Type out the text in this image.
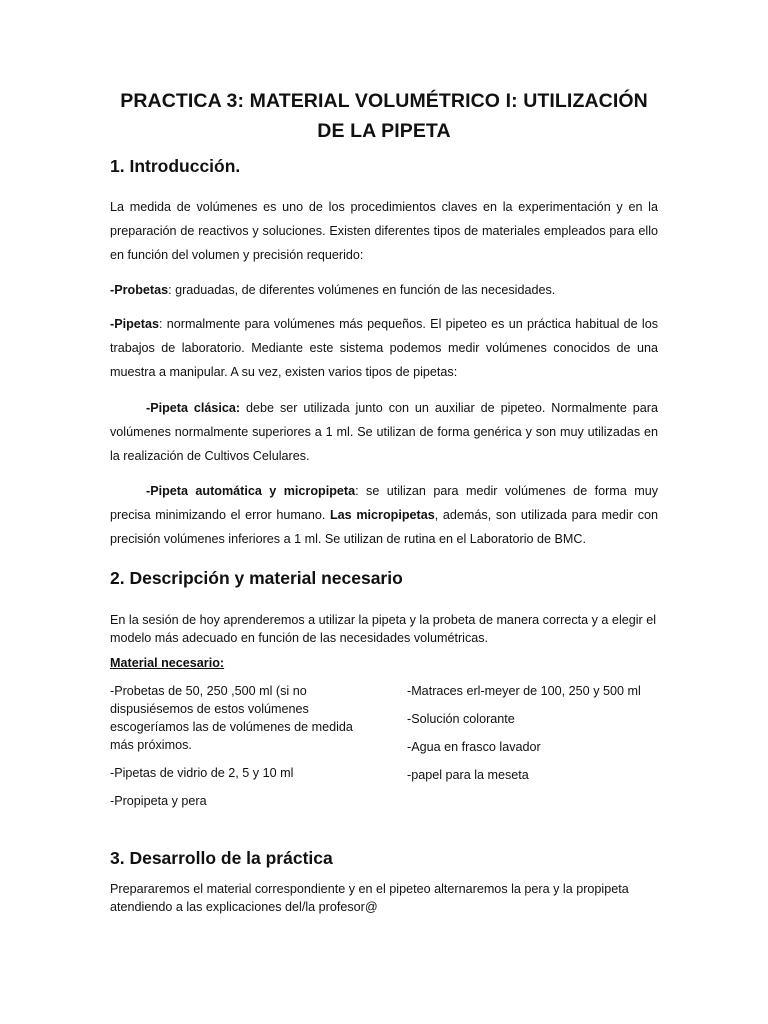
PRACTICA 3: MATERIAL VOLUMÉTRICO I: UTILIZACIÓN DE LA PIPETA
1. Introducción.
La medida de volúmenes es uno de los procedimientos claves en la experimentación y en la preparación de reactivos y soluciones. Existen diferentes tipos de materiales empleados para ello en función del volumen y precisión requerido:
-Probetas: graduadas, de diferentes volúmenes en función de las necesidades.
-Pipetas: normalmente para volúmenes más pequeños. El pipeteo es un práctica habitual de los trabajos de laboratorio. Mediante este sistema podemos medir volúmenes conocidos de una muestra a manipular. A su vez, existen varios tipos de pipetas:
-Pipeta clásica: debe ser utilizada junto con un auxiliar de pipeteo. Normalmente para volúmenes normalmente superiores a 1 ml. Se utilizan de forma genérica y son muy utilizadas en la realización de Cultivos Celulares.
-Pipeta automática y micropipeta: se utilizan para medir volúmenes de forma muy precisa minimizando el error humano. Las micropipetas, además, son utilizada para medir con precisión volúmenes inferiores a 1 ml. Se utilizan de rutina en el Laboratorio de BMC.
2. Descripción y material necesario
En la sesión de hoy aprenderemos a utilizar la pipeta y la probeta de manera correcta y a elegir el modelo más adecuado en función de las necesidades volumétricas.
Material necesario:
-Probetas de 50, 250 ,500 ml (si no dispusiésemos de estos volúmenes escogeríamos las de volúmenes de medida más próximos.
-Pipetas de vidrio de 2, 5 y 10 ml
-Propipeta y pera
-Matraces erl-meyer de 100, 250 y 500 ml
-Solución colorante
-Agua en frasco lavador
-papel para la meseta
3. Desarrollo de la práctica
Prepararemos el material correspondiente y en el pipeteo alternaremos la pera y la propipeta atendiendo a las explicaciones del/la profesor@
